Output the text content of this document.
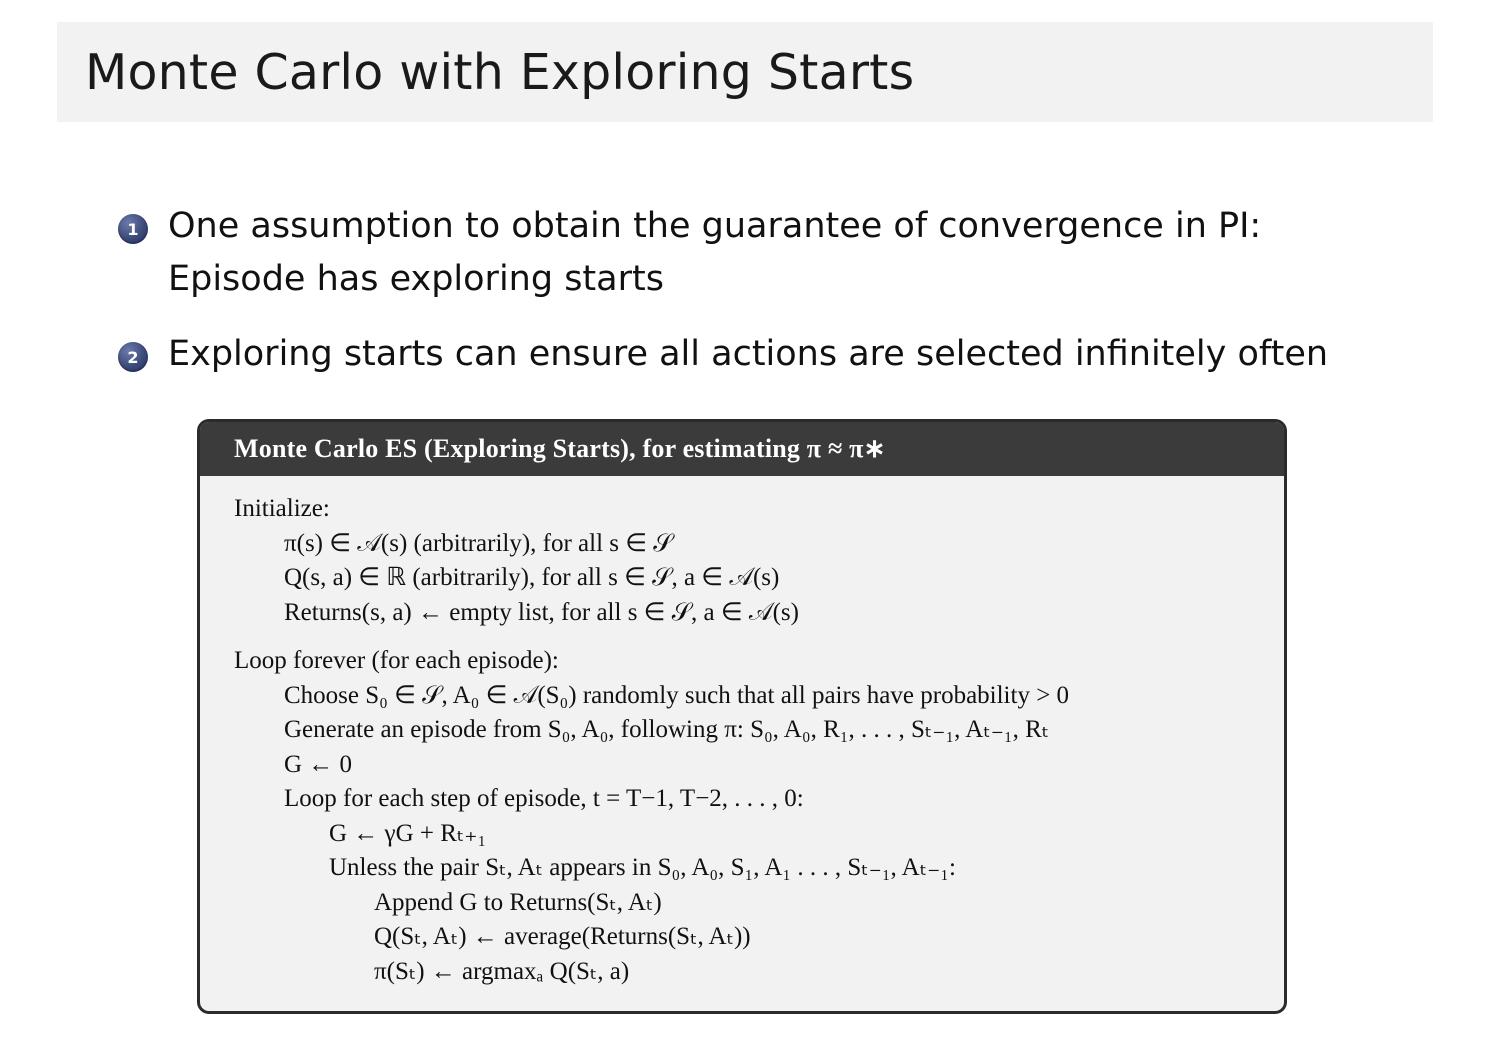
Monte Carlo with Exploring Starts
1 One assumption to obtain the guarantee of convergence in PI: Episode has exploring starts
2 Exploring starts can ensure all actions are selected infinitely often
Monte Carlo ES (Exploring Starts), for estimating π ≈ π∗
Initialize:
π(s) ∈ 𝒜(s) (arbitrarily), for all s ∈ 𝒮
Q(s, a) ∈ ℝ (arbitrarily), for all s ∈ 𝒮, a ∈ 𝒜(s)
Returns(s, a) ← empty list, for all s ∈ 𝒮, a ∈ 𝒜(s)
Loop forever (for each episode):
Choose S₀ ∈ 𝒮, A₀ ∈ 𝒜(S₀) randomly such that all pairs have probability > 0
Generate an episode from S₀, A₀, following π: S₀, A₀, R₁, . . . , Sₜ₋₁, Aₜ₋₁, Rₜ
G ← 0
Loop for each step of episode, t = T−1, T−2, . . . , 0:
G ← γG + Rₜ₊₁
Unless the pair Sₜ, Aₜ appears in S₀, A₀, S₁, A₁ . . . , Sₜ₋₁, Aₜ₋₁:
Append G to Returns(Sₜ, Aₜ)
Q(Sₜ, Aₜ) ← average(Returns(Sₜ, Aₜ))
π(Sₜ) ← argmaxₐ Q(Sₜ, a)
